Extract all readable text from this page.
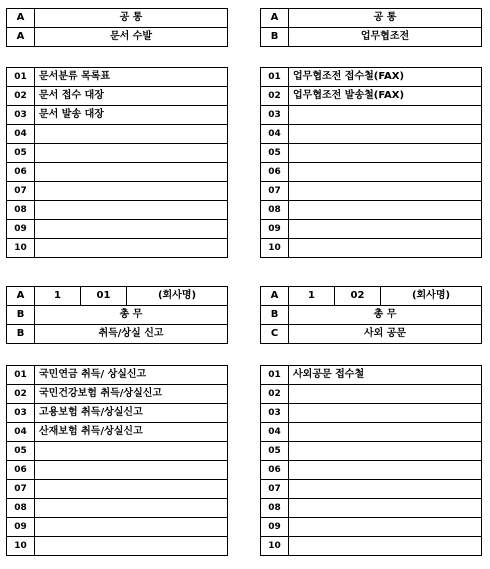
A	공 통
A	문서 수발
01	문서분류 목록표
02	문서 접수 대장
03	문서 발송 대장
04	
05	
06	
07	
08	
09	
10	
A	공 통
B	업무협조전
01	업무협조전 접수철(FAX)
02	업무협조전 발송철(FAX)
03	
04	
05	
06	
07	
08	
09	
10	
A	1	01	(회사명)
B	총 무		
B	취득/상실 신고		
01	국민연금 취득/ 상실신고
02	국민건강보험 취득/상실신고
03	고용보험 취득/상실신고
04	산재보험 취득/상실신고
05	
06	
07	
08	
09	
10	
A	1	02	(회사명)
B	총 무		
C	사외 공문		
01	사외공문 접수철
02	
03	
04	
05	
06	
07	
08	
09	
10	
